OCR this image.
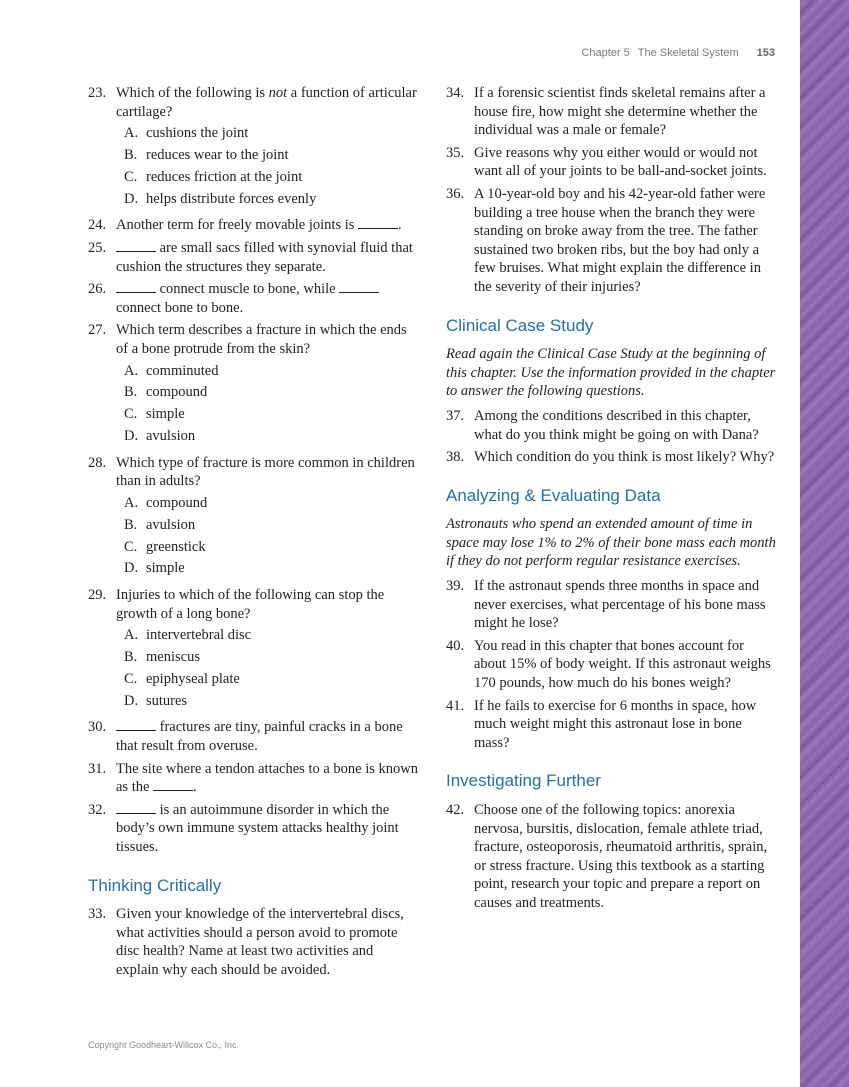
Chapter 5 The Skeletal System 153
23. Which of the following is not a function of articular cartilage?
A. cushions the joint
B. reduces wear to the joint
C. reduces friction at the joint
D. helps distribute forces evenly
24. Another term for freely movable joints is	.
25.	are small sacs filled with synovial fluid that cushion the structures they separate.
26.	connect muscle to bone, while  connect bone to bone.
27. Which term describes a fracture in which the ends of a bone protrude from the skin?
A. comminuted
B. compound
C. simple
D. avulsion
28. Which type of fracture is more common in children than in adults?
A. compound
B. avulsion
C. greenstick
D. simple
29. Injuries to which of the following can stop the growth of a long bone?
A. intervertebral disc
B. meniscus
C. epiphyseal plate
D. sutures
30.	fractures are tiny, painful cracks in a bone that result from overuse.
31. The site where a tendon attaches to a bone is known as the	.
32.	is an autoimmune disorder in which the body’s own immune system attacks healthy joint tissues.
Thinking Critically
33. Given your knowledge of the intervertebral discs, what activities should a person avoid to promote disc health? Name at least two activities and explain why each should be avoided.
34. If a forensic scientist finds skeletal remains after a house fire, how might she determine whether the individual was a male or female?
35. Give reasons why you either would or would not want all of your joints to be ball-and-socket joints.
36. A 10-year-old boy and his 42-year-old father were building a tree house when the branch they were standing on broke away from the tree. The father sustained two broken ribs, but the boy had only a few bruises. What might explain the difference in the severity of their injuries?
Clinical Case Study
Read again the Clinical Case Study at the beginning of this chapter. Use the information provided in the chapter to answer the following questions.
37. Among the conditions described in this chapter, what do you think might be going on with Dana?
38. Which condition do you think is most likely? Why?
Analyzing & Evaluating Data
Astronauts who spend an extended amount of time in space may lose 1% to 2% of their bone mass each month if they do not perform regular resistance exercises.
39. If the astronaut spends three months in space and never exercises, what percentage of his bone mass might he lose?
40. You read in this chapter that bones account for about 15% of body weight. If this astronaut weighs 170 pounds, how much do his bones weigh?
41. If he fails to exercise for 6 months in space, how much weight might this astronaut lose in bone mass?
Investigating Further
42. Choose one of the following topics: anorexia nervosa, bursitis, dislocation, female athlete triad, fracture, osteoporosis, rheumatoid arthritis, sprain, or stress fracture. Using this textbook as a starting point, research your topic and prepare a report on causes and treatments.
Copyright Goodheart-Willcox Co., Inc.
